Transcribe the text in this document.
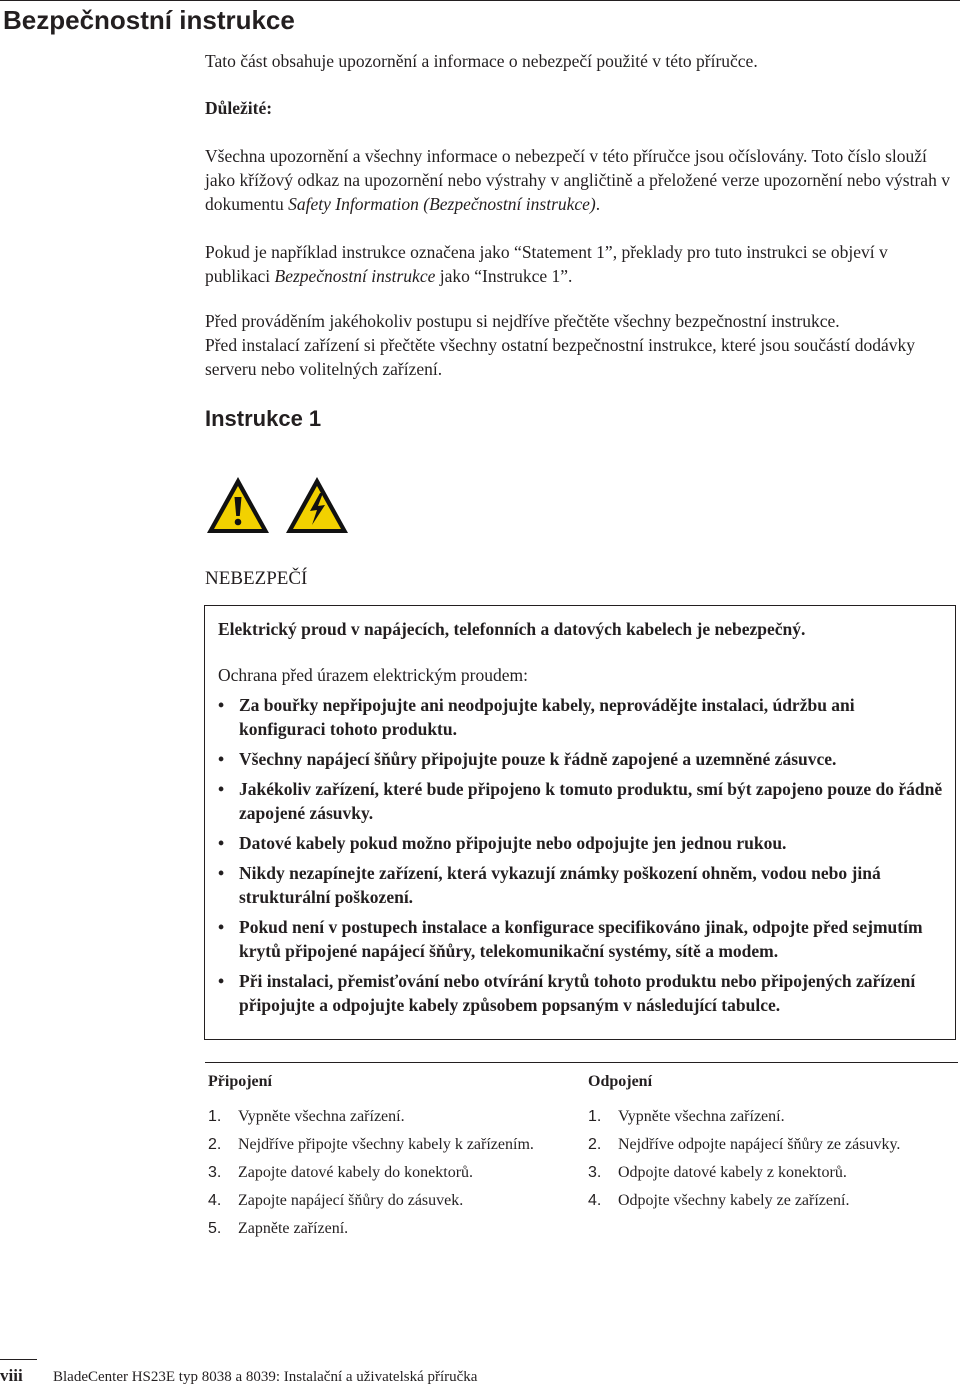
Bezpečnostní instrukce

Tato část obsahuje upozornění a informace o nebezpečí použité v této příručce.

Důležité:

Všechna upozornění a všechny informace o nebezpečí v této příručce jsou očíslovány. Toto číslo slouží jako křížový odkaz na upozornění nebo výstrahy v angličtině a přeložené verze upozornění nebo výstrah v dokumentu Safety Information (Bezpečnostní instrukce).

Pokud je například instrukce označena jako “Statement 1”, překlady pro tuto instrukci se objeví v publikaci Bezpečnostní instrukce jako “Instrukce 1”.

Před prováděním jakéhokoliv postupu si nejdříve přečtěte všechny bezpečnostní instrukce.

Před instalací zařízení si přečtěte všechny ostatní bezpečnostní instrukce, které jsou součástí dodávky serveru nebo volitelných zařízení.

Instrukce 1

NEBEZPEČÍ

Elektrický proud v napájecích, telefonních a datových kabelech je nebezpečný.

Ochrana před úrazem elektrickým proudem:

• Za bouřky nepřipojujte ani neodpojujte kabely, neprovádějte instalaci, údržbu ani konfiguraci tohoto produktu.
• Všechny napájecí šňůry připojujte pouze k řádně zapojené a uzemněné zásuvce.
• Jakékoliv zařízení, které bude připojeno k tomuto produktu, smí být zapojeno pouze do řádně zapojené zásuvky.
• Datové kabely pokud možno připojujte nebo odpojujte jen jednou rukou.
• Nikdy nezapínejte zařízení, která vykazují známky poškození ohněm, vodou nebo jiná strukturální poškození.
• Pokud není v postupech instalace a konfigurace specifikováno jinak, odpojte před sejmutím krytů připojené napájecí šňůry, telekomunikační systémy, sítě a modem.
• Při instalaci, přemisťování nebo otvírání krytů tohoto produktu nebo připojených zařízení připojujte a odpojujte kabely způsobem popsaným v následující tabulce.
Připojení
1. Vypněte všechna zařízení.
2. Nejdříve připojte všechny kabely k zařízením.
3. Zapojte datové kabely do konektorů.
4. Zapojte napájecí šňůry do zásuvek.
5. Zapněte zařízení.
Odpojení
1. Vypněte všechna zařízení.
2. Nejdříve odpojte napájecí šňůry ze zásuvky.
3. Odpojte datové kabely z konektorů.
4. Odpojte všechny kabely ze zařízení.
viii BladeCenter HS23E typ 8038 a 8039: Instalační a uživatelská příručka
